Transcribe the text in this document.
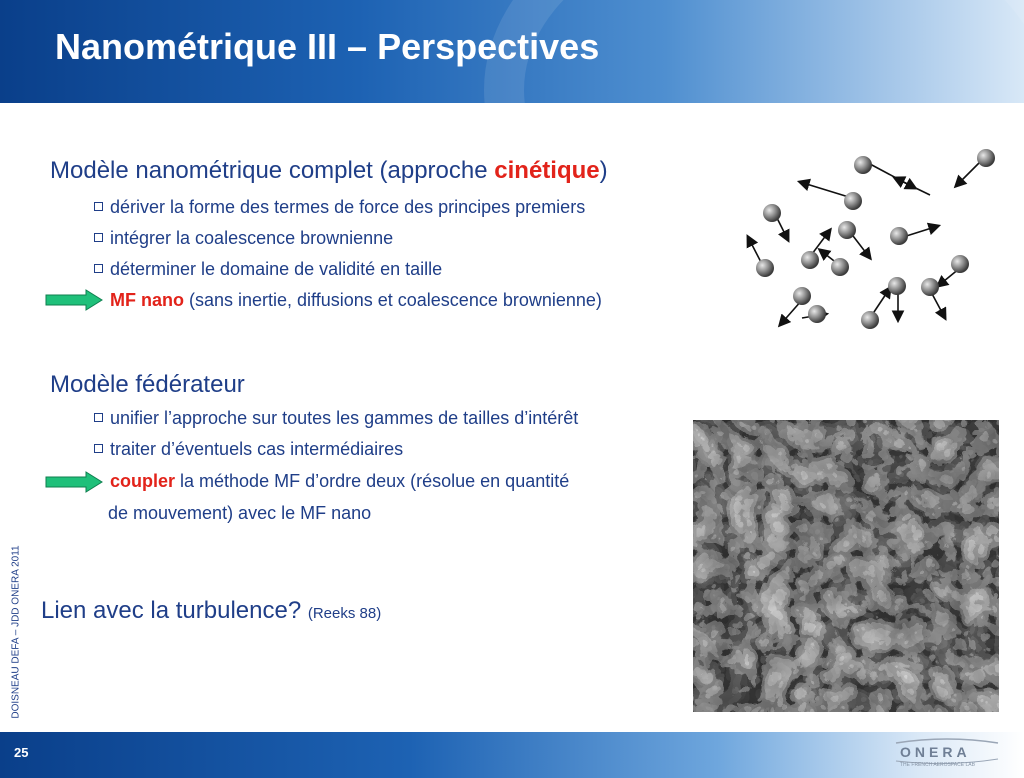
Nanométrique III – Perspectives
Modèle nanométrique complet (approche cinétique)
dériver la forme des termes de force des principes premiers
intégrer la coalescence brownienne
déterminer le domaine de validité en taille
MF nano (sans inertie, diffusions et coalescence brownienne)
Modèle fédérateur
unifier l’approche sur toutes les gammes de tailles d’intérêt
traiter d’éventuels cas intermédiaires
coupler la méthode MF d’ordre deux (résolue en quantité
de mouvement) avec le MF nano
Lien avec la turbulence? (Reeks 88)
DOISNEAU DEFA – JDD ONERA 2011
25	ONERA
THE FRENCH AEROSPACE LAB
